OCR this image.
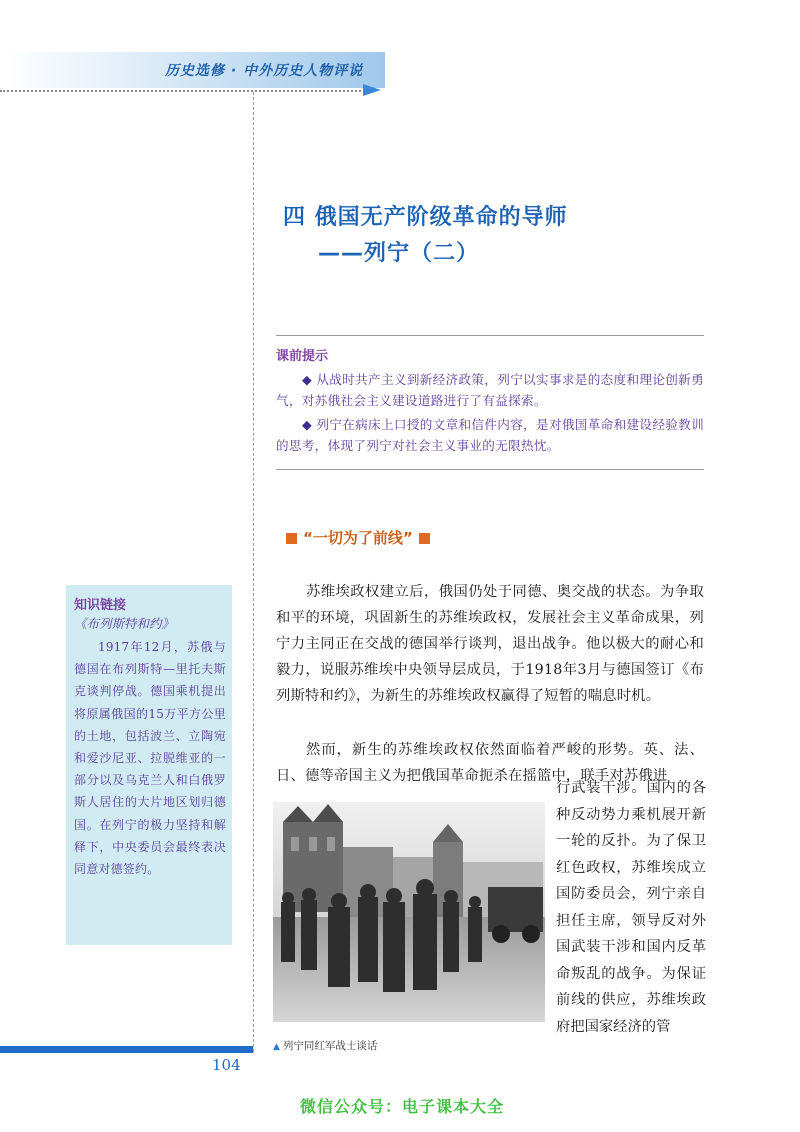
历史选修 · 中外历史人物评说
四 俄国无产阶级革命的导师
——列宁（二）
课前提示
◆ 从战时共产主义到新经济政策，列宁以实事求是的态度和理论创新勇气，对苏俄社会主义建设道路进行了有益探索。
◆ 列宁在病床上口授的文章和信件内容，是对俄国革命和建设经验教训的思考，体现了列宁对社会主义事业的无限热忱。
“一切为了前线”
知识链接
《布列斯特和约》
1917年12月，苏俄与德国在布列斯特—里托夫斯克谈判停战。德国乘机提出将原属俄国的15万平方公里的土地，包括波兰、立陶宛和爱沙尼亚、拉脱维亚的一部分以及乌克兰人和白俄罗斯人居住的大片地区划归德国。在列宁的极力坚持和解释下，中央委员会最终表决同意对德签约。
苏维埃政权建立后，俄国仍处于同德、奥交战的状态。为争取和平的环境，巩固新生的苏维埃政权，发展社会主义革命成果，列宁力主同正在交战的德国举行谈判，退出战争。他以极大的耐心和毅力，说服苏维埃中央领导层成员，于1918年3月与德国签订《布列斯特和约》，为新生的苏维埃政权赢得了短暂的喘息时机。
然而，新生的苏维埃政权依然面临着严峻的形势。英、法、日、德等帝国主义为把俄国革命扼杀在摇篮中，联手对苏俄进
行武装干涉。国内的各种反动势力乘机展开新一轮的反扑。为了保卫红色政权，苏维埃成立国防委员会，列宁亲自担任主席，领导反对外国武装干涉和国内反革命叛乱的战争。为保证前线的供应，苏维埃政府把国家经济的管
▲ 列宁同红军战士谈话
104
微信公众号：电子课本大全
